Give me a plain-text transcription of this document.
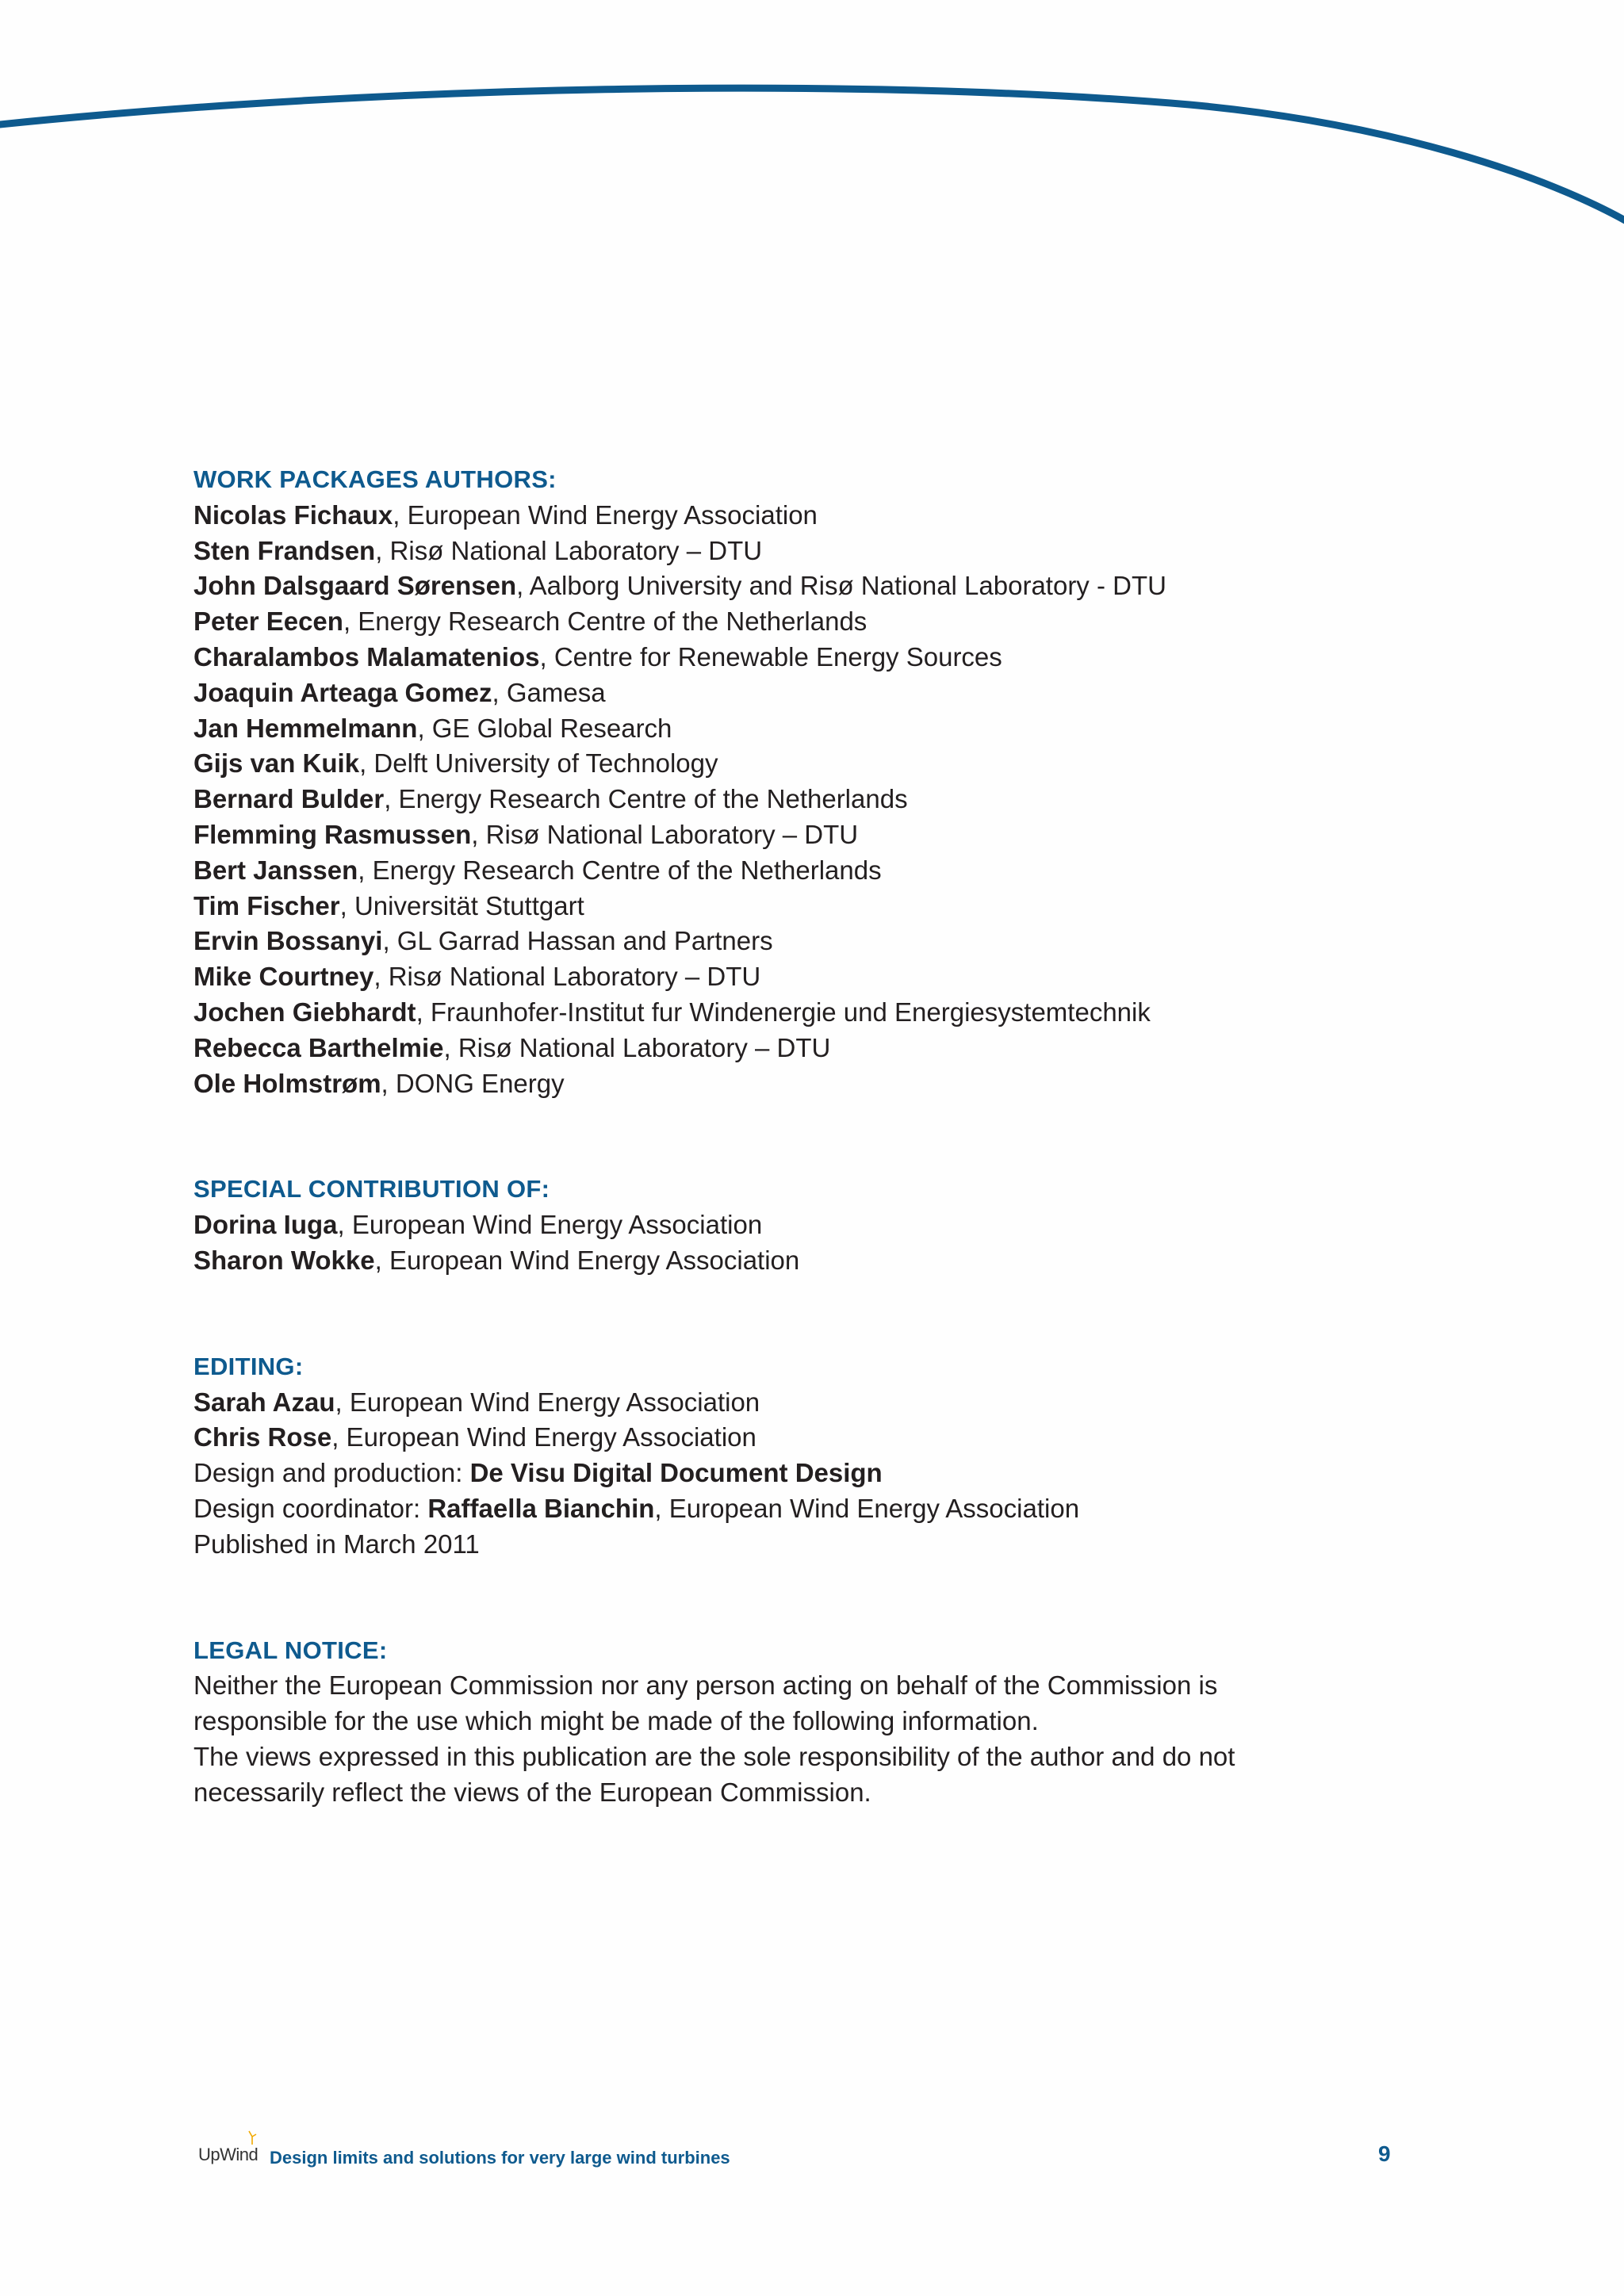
WORK PACKAGES AUTHORS:
Nicolas Fichaux, European Wind Energy Association
Sten Frandsen, Risø National Laboratory – DTU
John Dalsgaard Sørensen, Aalborg University and Risø National Laboratory - DTU
Peter Eecen, Energy Research Centre of the Netherlands
Charalambos Malamatenios, Centre for Renewable Energy Sources
Joaquin Arteaga Gomez, Gamesa
Jan Hemmelmann, GE Global Research
Gijs van Kuik, Delft University of Technology
Bernard Bulder, Energy Research Centre of the Netherlands
Flemming Rasmussen, Risø National Laboratory – DTU
Bert Janssen, Energy Research Centre of the Netherlands
Tim Fischer, Universität Stuttgart
Ervin Bossanyi, GL Garrad Hassan and Partners
Mike Courtney, Risø National Laboratory – DTU
Jochen Giebhardt, Fraunhofer-Institut fur Windenergie und Energiesystemtechnik
Rebecca Barthelmie, Risø National Laboratory – DTU
Ole Holmstrøm, DONG Energy
SPECIAL CONTRIBUTION OF:
Dorina Iuga, European Wind Energy Association
Sharon Wokke, European Wind Energy Association
EDITING:
Sarah Azau, European Wind Energy Association
Chris Rose, European Wind Energy Association
Design and production: De Visu Digital Document Design
Design coordinator: Raffaella Bianchin, European Wind Energy Association
Published in March 2011
LEGAL NOTICE:
Neither the European Commission nor any person acting on behalf of the Commission is responsible for the use which might be made of the following information.
The views expressed in this publication are the sole responsibility of the author and do not necessarily reflect the views of the European Commission.
UpWind Design limits and solutions for very large wind turbines	9
